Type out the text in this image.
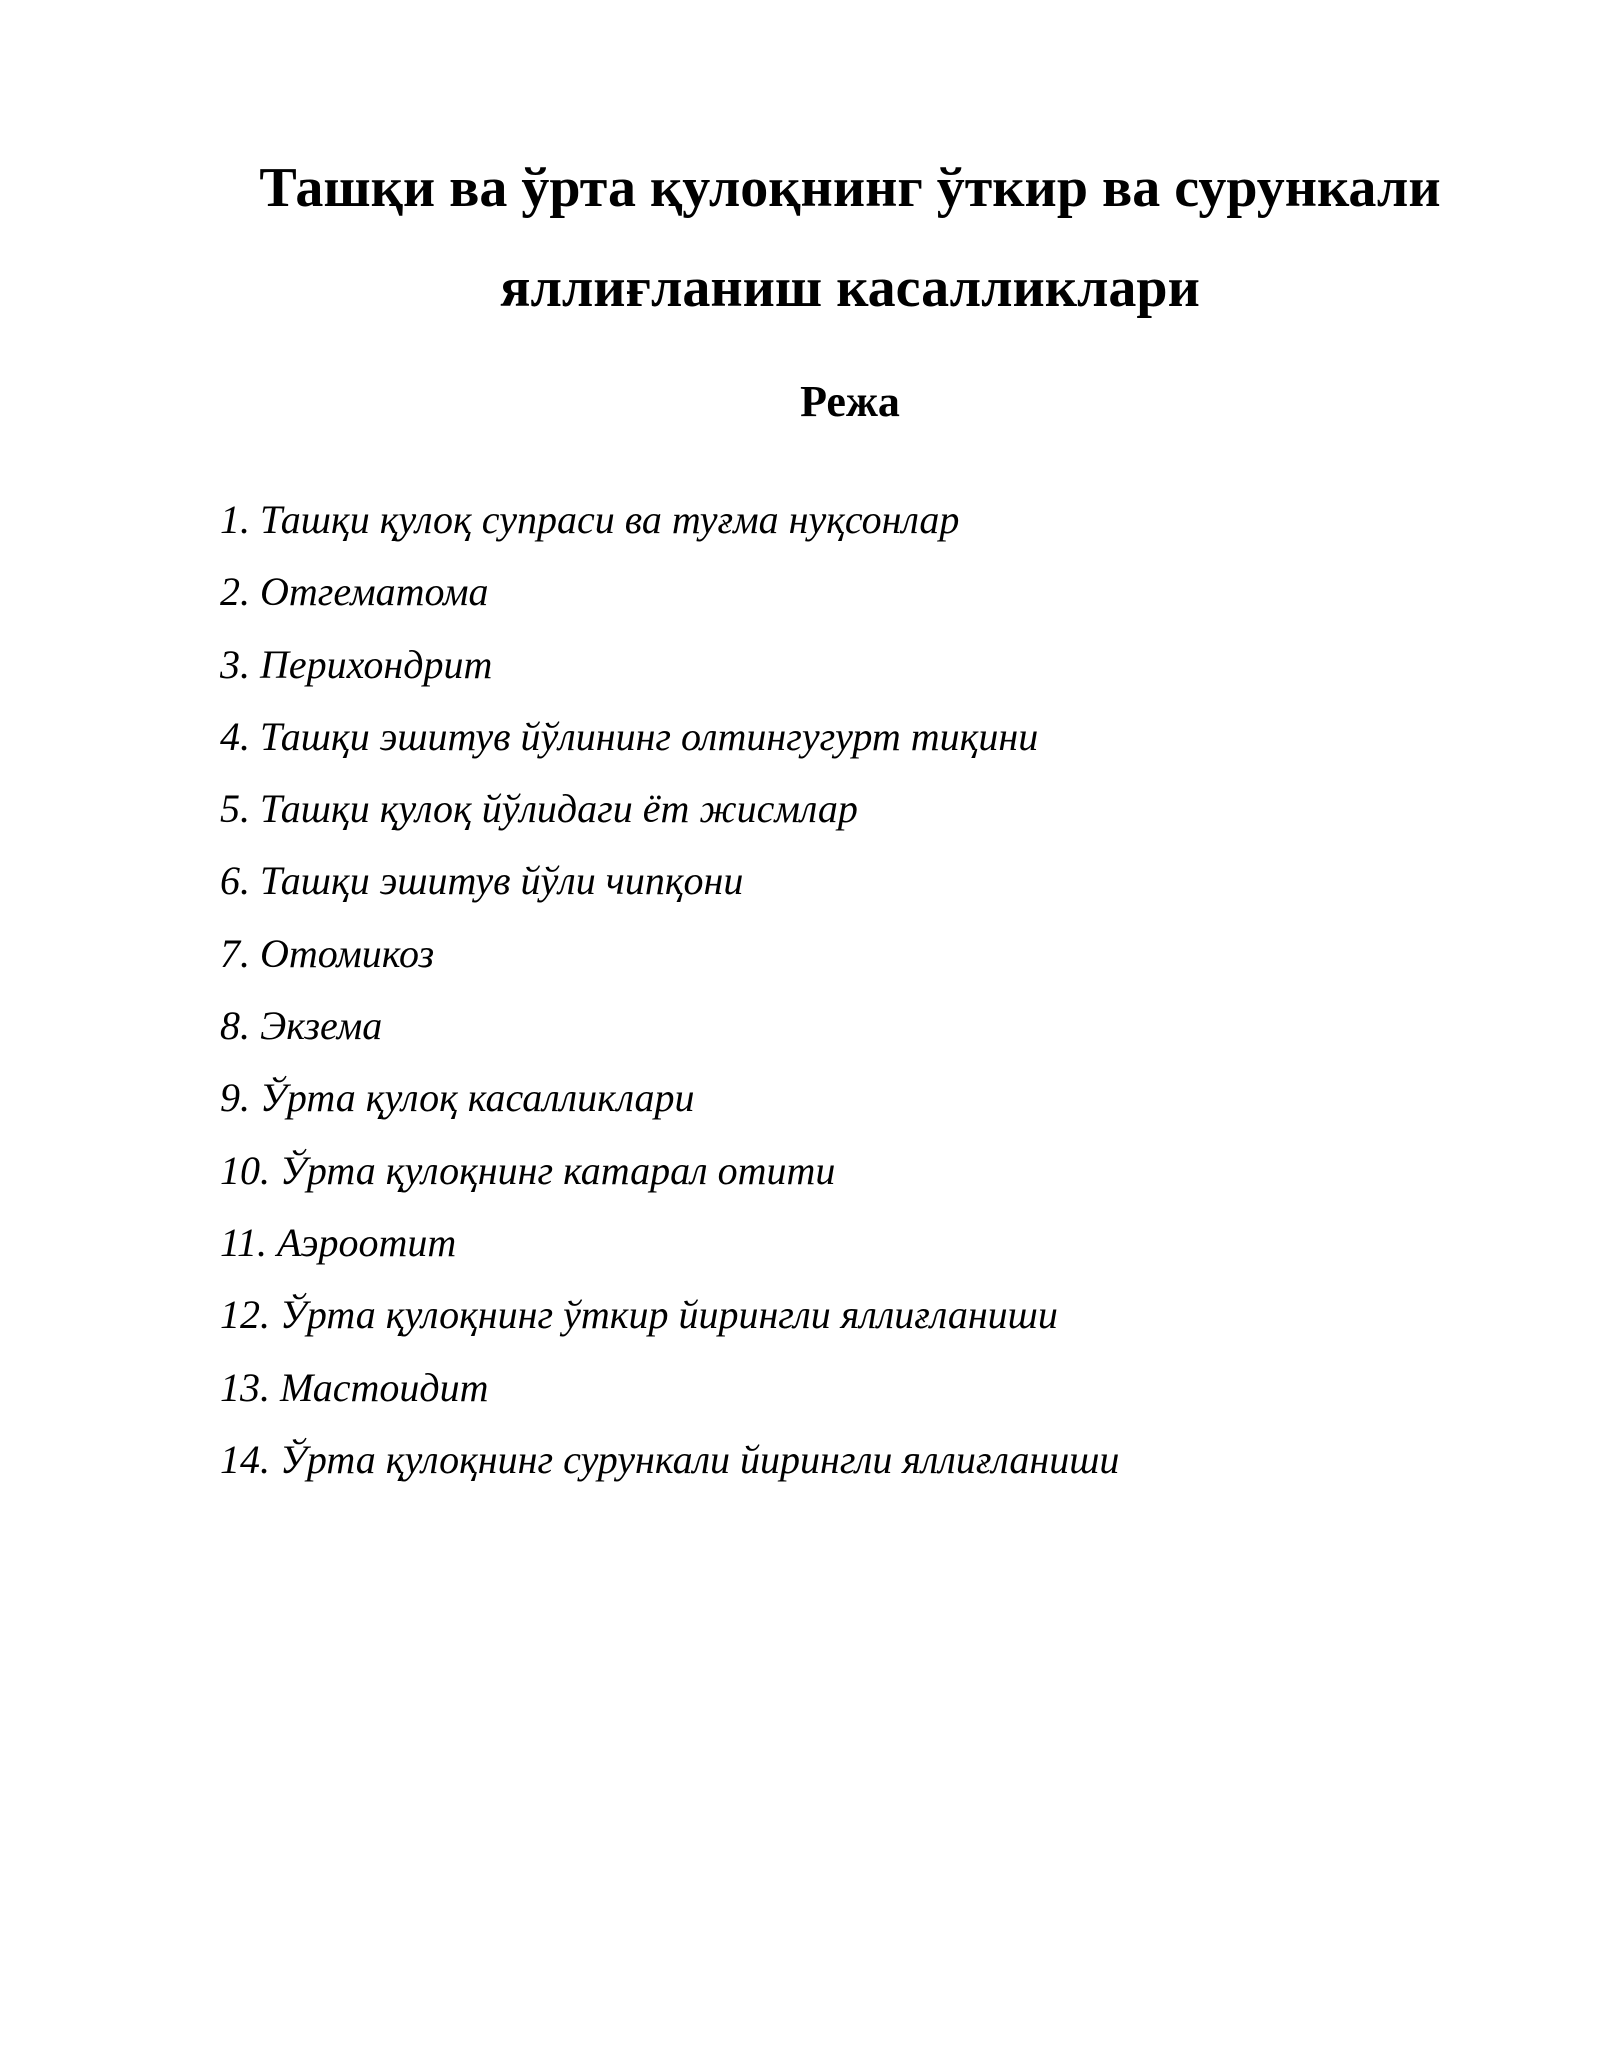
Ташқи ва ўрта қулоқнинг ўткир ва сурункали
яллиғланиш касалликлари
Режа
1. Ташқи қулоқ супраси ва туғма нуқсонлар
2. Отгематома
3. Перихондрит
4. Ташқи эшитув йўлининг олтингугурт тиқини
5. Ташқи қулоқ йўлидаги ёт жисмлар
6. Ташқи эшитув йўли чипқони
7. Отомикоз
8. Экзема
9. Ўрта қулоқ касалликлари
10. Ўрта қулоқнинг катарал отити
11. Аэроотит
12. Ўрта қулоқнинг ўткир йирингли яллиғланиши
13. Мастоидит
14. Ўрта қулоқнинг сурункали йирингли яллиғланиши
